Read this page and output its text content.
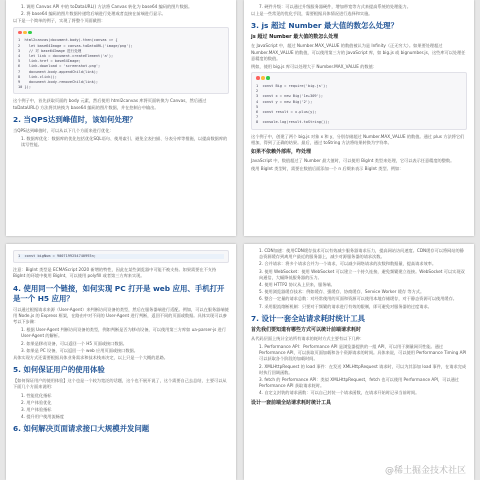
1. 调用 Canvas API 中的 toDataURL() 方法将 Canvas 转化为 base64 编码的图片数据。
2. 将 base64 编码的图片数据传递给后端进行处理或者直接在前端进行显示。
以下是一个简单的例子，实现了将整个页面截图：
1  html2canvas(document.body).then(canvas => {
2    let base64Image = canvas.toDataURL('image/png');
3    // 对 base64Image 进行处理
4    let link = document.createElement('a');
5    link.href = base64Image;
6    link.download = 'screenshot.png';
7    document.body.appendChild(link);
8    link.click();
9    document.body.removeChild(link);
10 });
这个例子中，首先获取页面的 body 元素，然后使用 html2canvas 库将页面转换为 Canvas，然后通过 toDataURL() 方法将其转换为 base64 编码的图片数据，并在控制台中输出。
2. 当QPS达到峰值时，该如何处理？
当QPS达到峰值时，可以从以下几个方面来进行优化：
1. 数据库优化：数据库的优化包括优化SQL语句、使用索引、避免全表扫描、分表分库等措施，以提高数据库的读写性能。
7. 硬件升级：可以通过升级服务器硬件，增加带宽等方式来提高系统的处理能力。
以上是一些常见的优化手段，需要根据具体情况进行选择和实施。
3. js 超过 Number 最大值的数怎么处理？
js 超过 Number 最大值的数怎么处理
在 JavaScript 中，超过 Number.MAX_VALUE 的数值被认为是 Infinity（正无穷大）。如果要处理超过 Number.MAX_VALUE 的数值，可以使用第三方的 JavaScript 库，如 big.js 或 bignumber.js，这些库可以处理任意精度的数值。
例如，使用 big.js 库可以处理大于 Number.MAX_VALUE 的数值：
1  const Big = require('big.js');
2
3  const x = new Big('1e+309');
4  const y = new Big('2');
5
6  const result = x.plus(y);
7
8  console.log(result.toString());
这个例子中，创建了两个 big.js 对象 x 和 y，分别存储超过 Number.MAX_VALUE 的数值。通过 plus 方法将它们相加，得到了正确的结果。最后，通过 toString 方法将结果转换为字符串。
如果不依赖外部库，咋处理
JavaScript 中，数值超过了 Number 最大值时，可以使用 BigInt 类型来处理，它可以表示任意精度的整数。
使用 BigInt 类型时，需要在数值后面添加一个 n 后缀来表示 BigInt 类型。例如：
1  const bigNum = 9007199254740993n;
注意：BigInt 类型是 ECMAScript 2020 新增的特性，因此在某些浏览器中可能不被支持。如果需要在不支持 BigInt 的环境中使用 BigInt，可以使用 polyfill 或者第三方库来实现。
4. 使用同一个链接，如何实现 PC 打开是 web 应用、手机打开是一个 H5 应用？
可以通过根据请求来源（User-Agent）来判断访问设备的类型，然后在服务器端进行适配。例如，可以在服务器端使用 Node.js 的 Express 框架，在路由中对不同的 User-Agent 进行判断，返回不同的页面或数据。具体实现可以参考以下步骤：
1. 根据 User-Agent 判断访问设备的类型，例如判断是否为移动设备，可以使用第三方库如 ua-parser-js 进行 User-Agent 的解析。
2. 如果是移动设备，可以返回一个 H5 页面或接口数据。
3. 如果是 PC 设备，可以返回一个 web 应用页面或接口数据。
具体实现方式还需要根据具体业务需求和技术栈来决定，以上只是一个大概的思路。
5. 如何保证用户的使用体验
【如何保证用户的使用体验】这个也是一个较为宽泛的话题，这个也不展开说了，这个需要自己去总结，主要可以从下面几个方面来说明：
1. 性能优化指标
2. 用户体验优化
3. 用户体验指标
4. 提升用户使用流畅度
6. 如何解决页面请求接口大规模并发问题
1. CDN加速：使用CDN缓存技术可以有效减少服务器请求压力，提高网站访问速度。CDN缓存可以将网站的静态资源缓存到离用户最近的服务器上，减少对源服务器的请求次数。
2. 合并请求：将多个请求合并为一个请求，可以减少网络请求的次数和数据量，提高请求效率。
3. 使用 WebSocket：使用 WebSocket 可以建立一个持久连接，避免频繁建立连接。WebSocket 可以实现双向通信，大幅降低服务器的压力。
4. 使用 HTTP2 协议从上层来，服务端。
5. 使用浏览器缓存技术：例如缓存、强缓存、协商缓存、Service Worker 缓存 等方式。
6. 整合一定量的请求总数：对经常使用的页面和资源可以使用本地存储缓存，对于静态资源可以使用缓存。
7. 采用限流熔断机制：只要对于频繁的请求进行有效的限制，即可避免对服务器的过度请求。
7. 设计一套全站请求耗时统计工具
首先我们要知道有哪些方式可以统计前端请求耗时
从代码层面上统计全站所有请求的耗时方式主要有以下几种：
1. Performance API：Performance API 是浏览器提供的一组 API，可以用于测量网页性能。通过 Performance API，可以获取页面加载和各个资源请求的时间。具体来说，可以使用 Performance Timing API 可以获取各个阶段的加载时间。
2. XMLHttpRequest 的 load 事件：在发送 XMLHttpRequest 请求时，可以为其添加 load 事件，在请求完成时执行回调函数。
3. fetch 的 Performance API：类似 XMLHttpRequest，fetch 也可以使用 Performance API，可以通过 Performance API 获取请求耗时。
4. 自定义封装的请求函数：可以自己封装一个请求函数，在请求开始时记录当前时间。
设计一套前端全站请求耗时统计工具
@稀土掘金技术社区
